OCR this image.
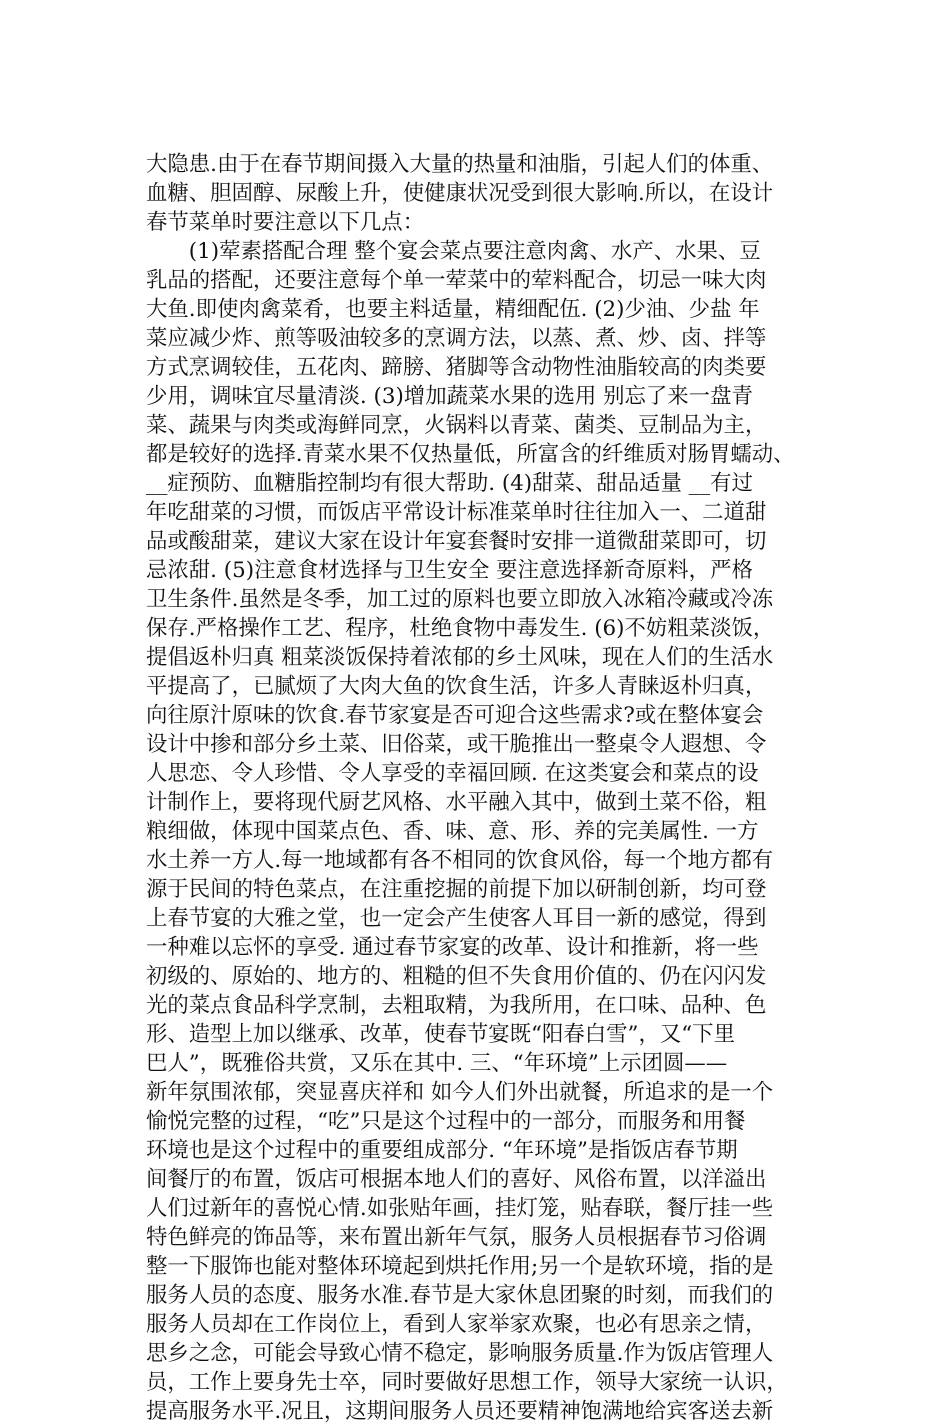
大隐患.由于在春节期间摄入大量的热量和油脂，引起人们的体重、
血糖、胆固醇、尿酸上升，使健康状况受到很大影响.所以，在设计
春节菜单时要注意以下几点：
　　(1)荤素搭配合理 整个宴会菜点要注意肉禽、水产、水果、豆
乳品的搭配，还要注意每个单一荤菜中的荤料配合，切忌一味大肉
大鱼.即使肉禽菜肴，也要主料适量，精细配伍. (2)少油、少盐 年
菜应减少炸、煎等吸油较多的烹调方法，以蒸、煮、炒、卤、拌等
方式烹调较佳，五花肉、蹄膀、猪脚等含动物性油脂较高的肉类要
少用，调味宜尽量清淡. (3)增加蔬菜水果的选用 别忘了来一盘青
菜、蔬果与肉类或海鲜同烹，火锅料以青菜、菌类、豆制品为主，
都是较好的选择.青菜水果不仅热量低，所富含的纤维质对肠胃蠕动、
__症预防、血糖脂控制均有很大帮助. (4)甜菜、甜品适量 __有过
年吃甜菜的习惯，而饭店平常设计标准菜单时往往加入一、二道甜
品或酸甜菜，建议大家在设计年宴套餐时安排一道微甜菜即可，切
忌浓甜. (5)注意食材选择与卫生安全 要注意选择新奇原料，严格
卫生条件.虽然是冬季，加工过的原料也要立即放入冰箱冷藏或冷冻
保存.严格操作工艺、程序，杜绝食物中毒发生. (6)不妨粗菜淡饭，
提倡返朴归真 粗菜淡饭保持着浓郁的乡土风味，现在人们的生活水
平提高了，已腻烦了大肉大鱼的饮食生活，许多人青睐返朴归真，
向往原汁原味的饮食.春节家宴是否可迎合这些需求?或在整体宴会
设计中掺和部分乡土菜、旧俗菜，或干脆推出一整桌令人遐想、令
人思恋、令人珍惜、令人享受的幸福回顾. 在这类宴会和菜点的设
计制作上，要将现代厨艺风格、水平融入其中，做到土菜不俗，粗
粮细做，体现中国菜点色、香、味、意、形、养的完美属性. 一方
水土养一方人.每一地域都有各不相同的饮食风俗，每一个地方都有
源于民间的特色菜点，在注重挖掘的前提下加以研制创新，均可登
上春节宴的大雅之堂，也一定会产生使客人耳目一新的感觉，得到
一种难以忘怀的享受. 通过春节家宴的改革、设计和推新，将一些
初级的、原始的、地方的、粗糙的但不失食用价值的、仍在闪闪发
光的菜点食品科学烹制，去粗取精，为我所用，在口味、品种、色
形、造型上加以继承、改革，使春节宴既“阳春白雪”，又“下里
巴人”，既雅俗共赏，又乐在其中. 三、“年环境”上示团圆——
新年氛围浓郁，突显喜庆祥和 如今人们外出就餐，所追求的是一个
愉悦完整的过程，“吃”只是这个过程中的一部分，而服务和用餐
环境也是这个过程中的重要组成部分. “年环境”是指饭店春节期
间餐厅的布置，饭店可根据本地人们的喜好、风俗布置，以洋溢出
人们过新年的喜悦心情.如张贴年画，挂灯笼，贴春联，餐厅挂一些
特色鲜亮的饰品等，来布置出新年气氛，服务人员根据春节习俗调
整一下服饰也能对整体环境起到烘托作用;另一个是软环境，指的是
服务人员的态度、服务水准.春节是大家休息团聚的时刻，而我们的
服务人员却在工作岗位上，看到人家举家欢聚，也必有思亲之情，
思乡之念，可能会导致心情不稳定，影响服务质量.作为饭店管理人
员，工作上要身先士卒，同时要做好思想工作，领导大家统一认识，
提高服务水平.况且，这期间服务人员还要精神饱满地给宾客送去新
